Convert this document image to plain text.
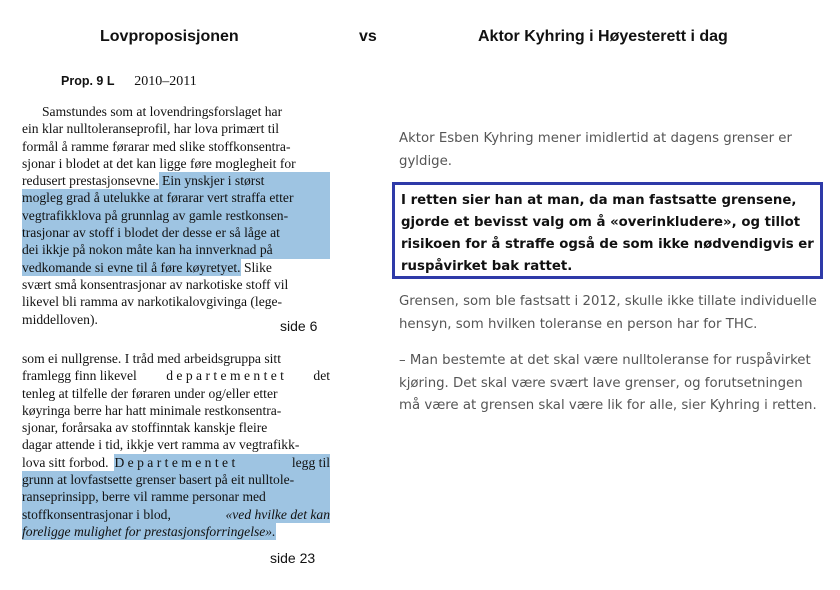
Lovproposisjonen	vs	Aktor Kyhring i Høyesterett i dag
Prop. 9 L 2010–2011
Samstundes som at lovendringsforslaget har
ein klar nulltoleranseprofil, har lova primært til
formål å ramme førarar med slike stoffkonsentra-
sjonar i blodet at det kan ligge føre moglegheit for
redusert prestasjonsevne. Ein ynskjer i størst
mogleg grad å utelukke at førarar vert straffa etter
vegtrafikklova på grunnlag av gamle restkonsen-
trasjonar av stoff i blodet der desse er så låge at
dei ikkje på nokon måte kan ha innverknad på
vedkomande si evne til å føre køyretyet. Slike
svært små konsentrasjonar av narkotiske stoff vil
likevel bli ramma av narkotikalovgivinga (lege-
middelloven).	side 6
som ei nullgrense. I tråd med arbeidsgruppa sitt
framlegg finn likevel d e p a r t e m e n t e t det
tenleg at tilfelle der føraren under og/eller etter
køyringa berre har hatt minimale restkonsentra-
sjonar, forårsaka av stoffinntak kanskje fleire
dagar attende i tid, ikkje vert ramma av vegtrafikk-
lova sitt forbod. D e p a r t e m e n t e t	legg til
grunn at lovfastsette grenser basert på eit nulltole-
ranseprinsipp, berre vil ramme personar med
stoffkonsentrasjonar i blod,	«ved hvilke det kan
foreligge mulighet for prestasjonsforringelse».
side 23
Aktor Esben Kyhring mener imidlertid at dagens grenser er gyldige.
I retten sier han at man, da man fastsatte grensene, gjorde et bevisst valg om å «overinkludere», og tillot risikoen for å straffe også de som ikke nødvendigvis er ruspåvirket bak rattet.
Grensen, som ble fastsatt i 2012, skulle ikke tillate individuelle hensyn, som hvilken toleranse en person har for THC.
– Man bestemte at det skal være nulltoleranse for ruspåvirket kjøring. Det skal være svært lave grenser, og forutsetningen må være at grensen skal være lik for alle, sier Kyhring i retten.
